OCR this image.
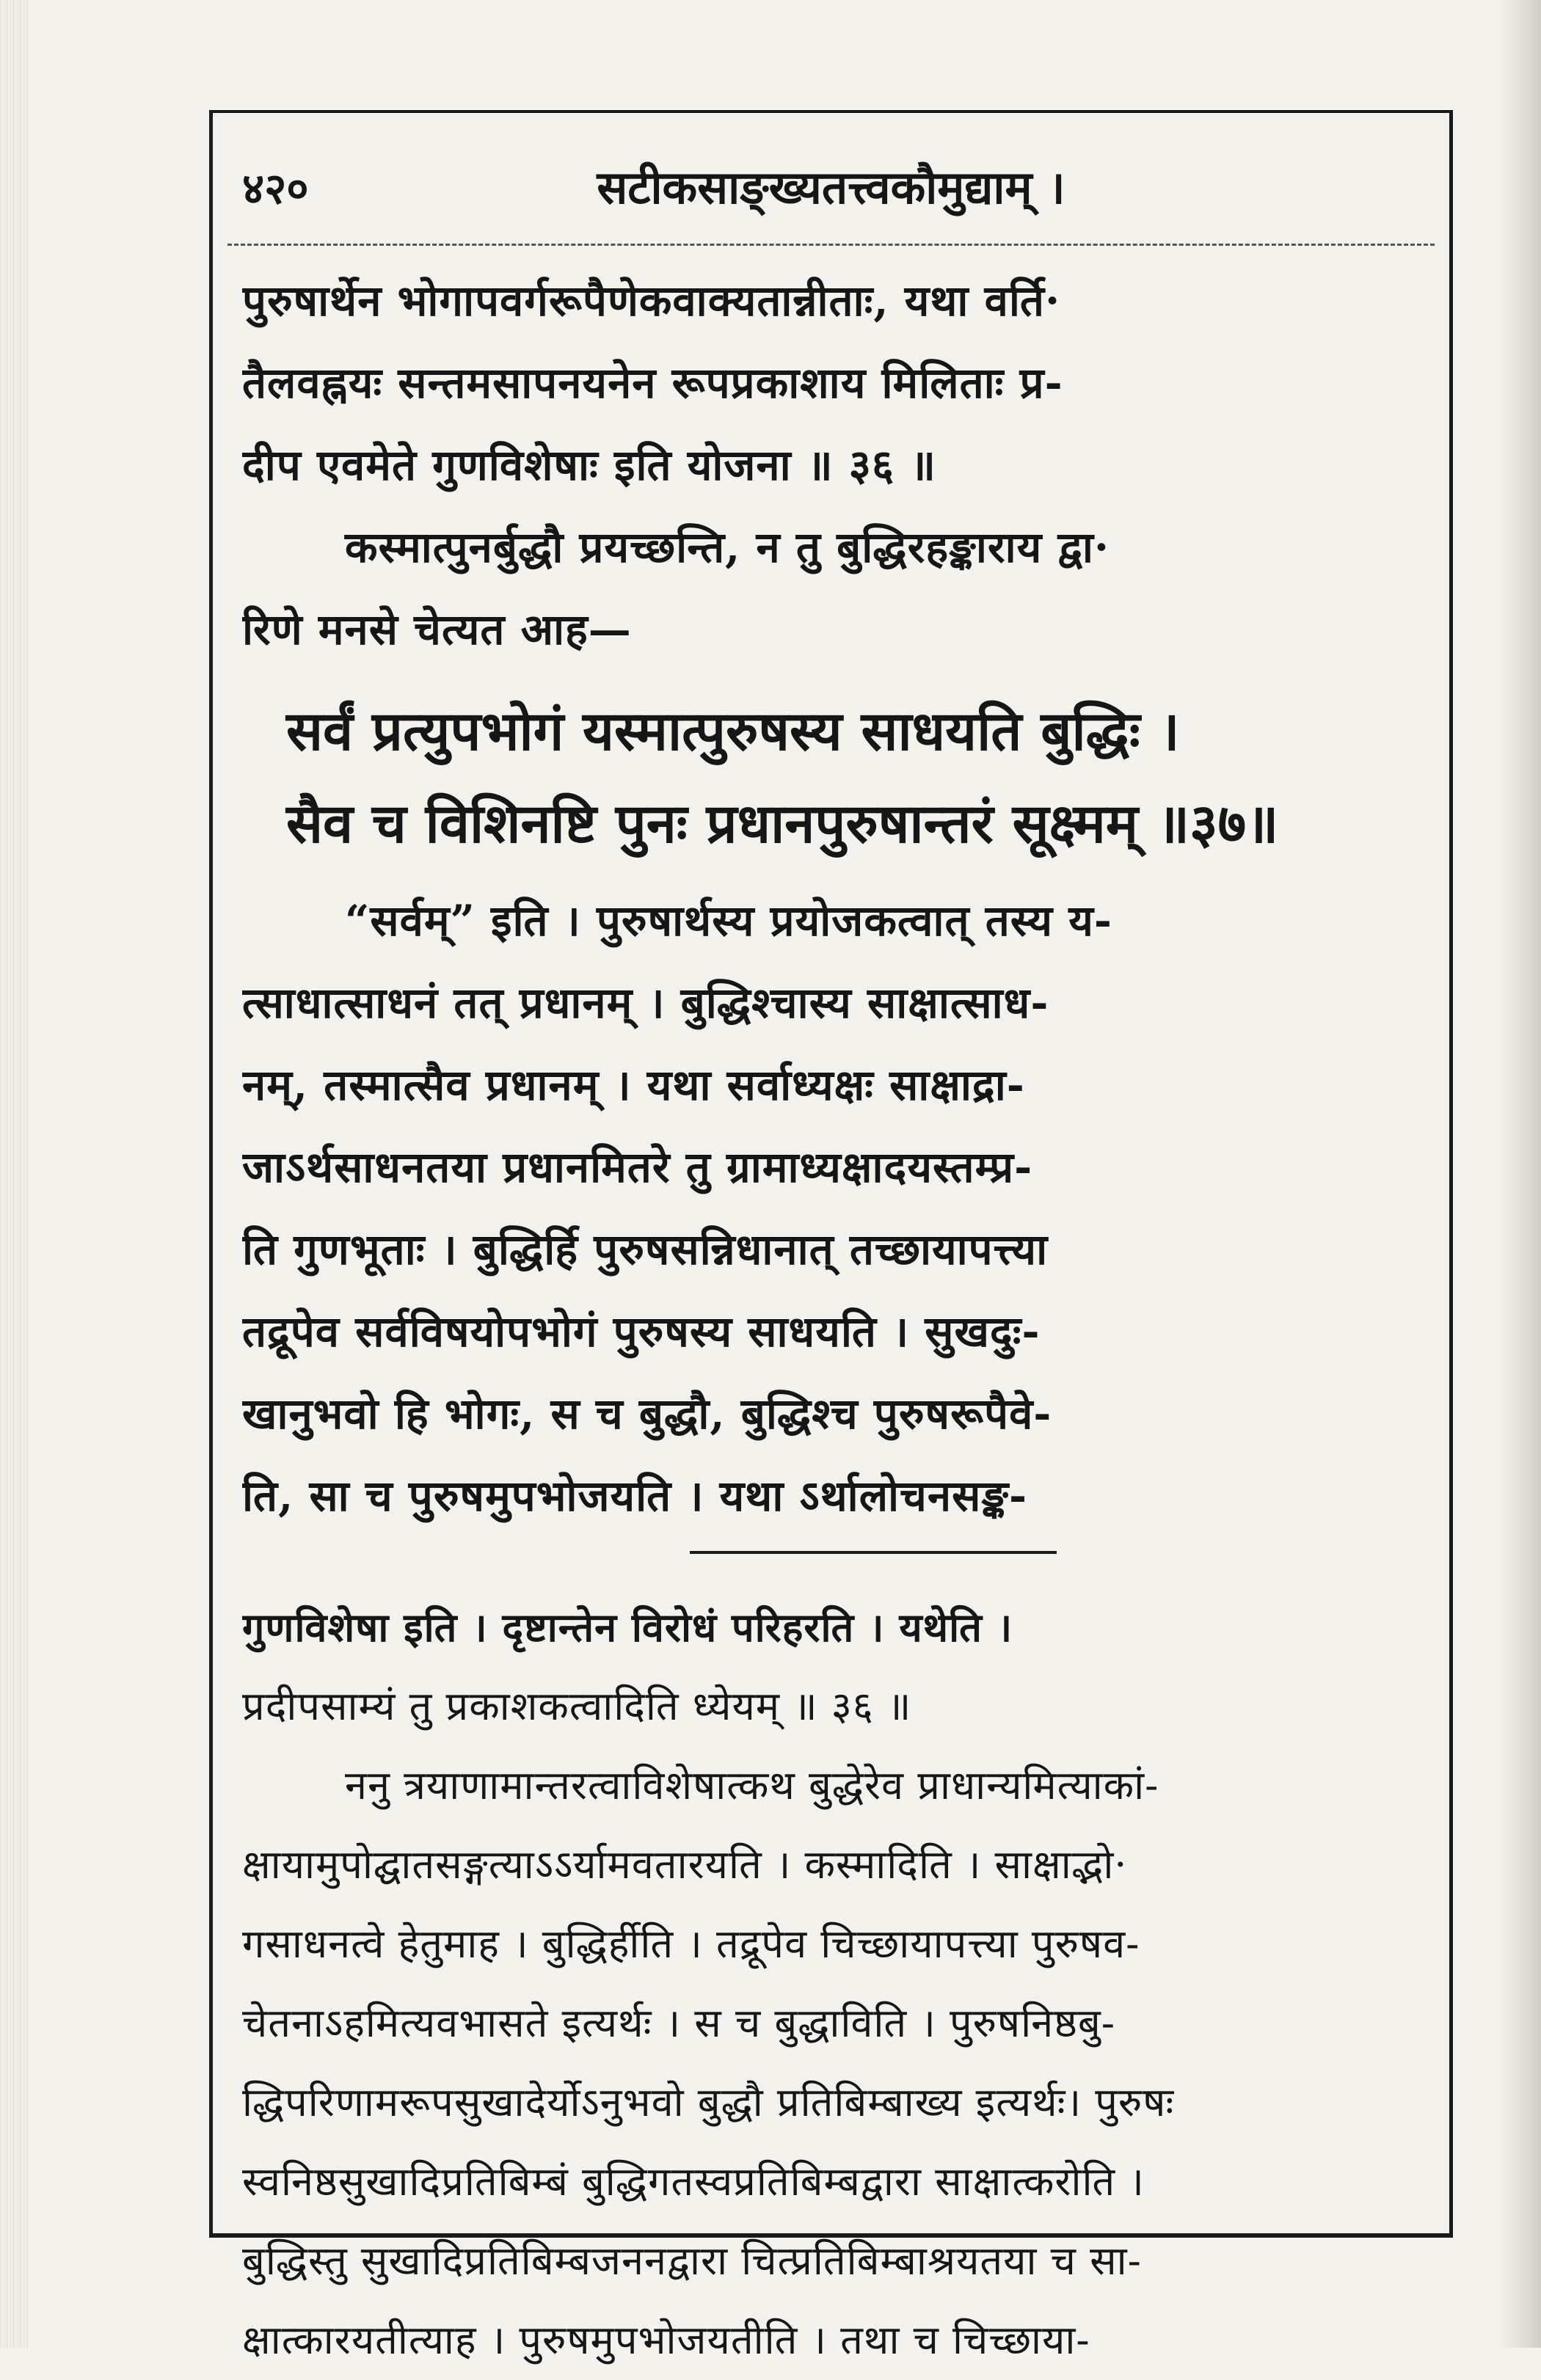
४२०	सटीकसाङ्ख्यतत्त्वकौमुद्याम् ।
पुरुषार्थेन भोगापवर्गरूपैणेकवाक्यतान्नीताः, यथा वर्ति·
तैलवह्नयः सन्तमसापनयनेन रूपप्रकाशाय मिलिताः प्र-
दीप एवमेते गुणविशेषाः इति योजना ॥ ३६ ॥
कस्मात्पुनर्बुद्धौ प्रयच्छन्ति, न तु बुद्धिरहङ्काराय द्वा·
रिणे मनसे चेत्यत आह—
सर्वं प्रत्युपभोगं यस्मात्पुरुषस्य साधयति बुद्धिः ।
सैव च विशिनष्टि पुनः प्रधानपुरुषान्तरं सूक्ष्मम् ॥३७॥
“सर्वम्” इति । पुरुषार्थस्य प्रयोजकत्वात् तस्य य-
त्साधात्साधनं तत् प्रधानम् । बुद्धिश्चास्य साक्षात्साध-
नम्, तस्मात्सैव प्रधानम् । यथा सर्वाध्यक्षः साक्षाद्रा-
जाऽर्थसाधनतया प्रधानमितरे तु ग्रामाध्यक्षादयस्तम्प्र-
ति गुणभूताः । बुद्धिर्हि पुरुषसन्निधानात् तच्छायापत्त्या
तद्रूपेव सर्वविषयोपभोगं पुरुषस्य साधयति । सुखदुः-
खानुभवो हि भोगः, स च बुद्धौ, बुद्धिश्च पुरुषरूपैवे-
ति, सा च पुरुषमुपभोजयति । यथा ऽर्थालोचनसङ्क-
गुणविशेषा इति । दृष्टान्तेन विरोधं परिहरति । यथेति ।
प्रदीपसाम्यं तु प्रकाशकत्वादिति ध्येयम् ॥ ३६ ॥
ननु त्रयाणामान्तरत्वाविशेषात्कथ बुद्धेरेव प्राधान्यमित्याकां-
क्षायामुपोद्घातसङ्गत्याऽऽर्यामवतारयति । कस्मादिति । साक्षाद्भो·
गसाधनत्वे हेतुमाह । बुद्धिर्हीति । तद्रूपेव चिच्छायापत्त्या पुरुषव-
चेतनाऽहमित्यवभासते इत्यर्थः । स च बुद्धाविति । पुरुषनिष्ठबु-
द्धिपरिणामरूपसुखादेर्योऽनुभवो बुद्धौ प्रतिबिम्बाख्य इत्यर्थः। पुरुषः
स्वनिष्ठसुखादिप्रतिबिम्बं बुद्धिगतस्वप्रतिबिम्बद्वारा साक्षात्करोति ।
बुद्धिस्तु सुखादिप्रतिबिम्बजननद्वारा चित्प्रतिबिम्बाश्रयतया च सा-
क्षात्कारयतीत्याह । पुरुषमुपभोजयतीति । तथा च चिच्छाया-
